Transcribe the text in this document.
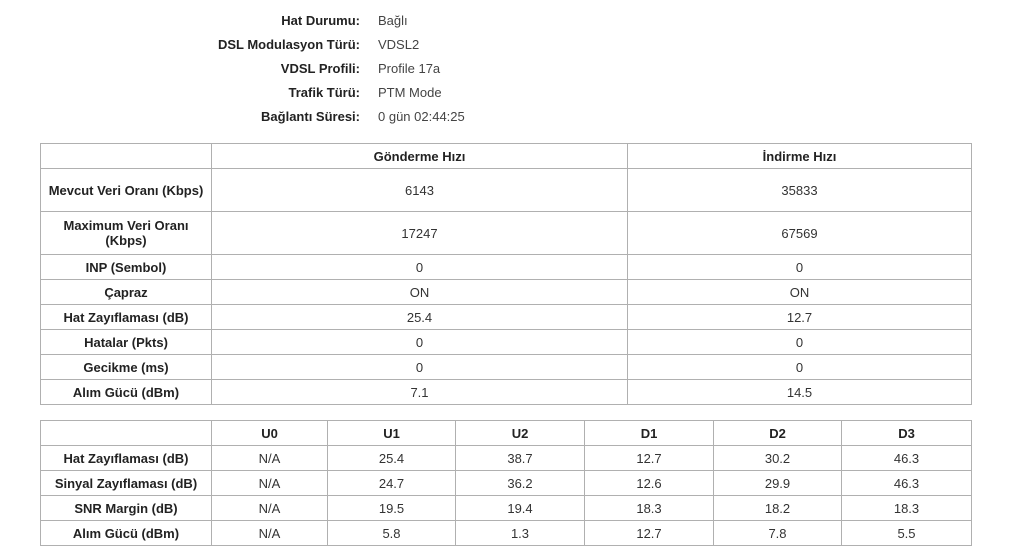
Hat Durumu: Bağlı
DSL Modulasyon Türü: VDSL2
VDSL Profili: Profile 17a
Trafik Türü: PTM Mode
Bağlantı Süresi: 0 gün 02:44:25
	Gönderme Hızı	İndirme Hızı
Mevcut Veri Oranı (Kbps)	6143	35833
Maximum Veri Oranı (Kbps)	17247	67569
INP (Sembol)	0	0
Çapraz	ON	ON
Hat Zayıflaması (dB)	25.4	12.7
Hatalar (Pkts)	0	0
Gecikme (ms)	0	0
Alım Gücü (dBm)	7.1	14.5
	U0	U1	U2	D1	D2	D3
Hat Zayıflaması (dB)	N/A	25.4	38.7	12.7	30.2	46.3
Sinyal Zayıflaması (dB)	N/A	24.7	36.2	12.6	29.9	46.3
SNR Margin (dB)	N/A	19.5	19.4	18.3	18.2	18.3
Alım Gücü (dBm)	N/A	5.8	1.3	12.7	7.8	5.5
